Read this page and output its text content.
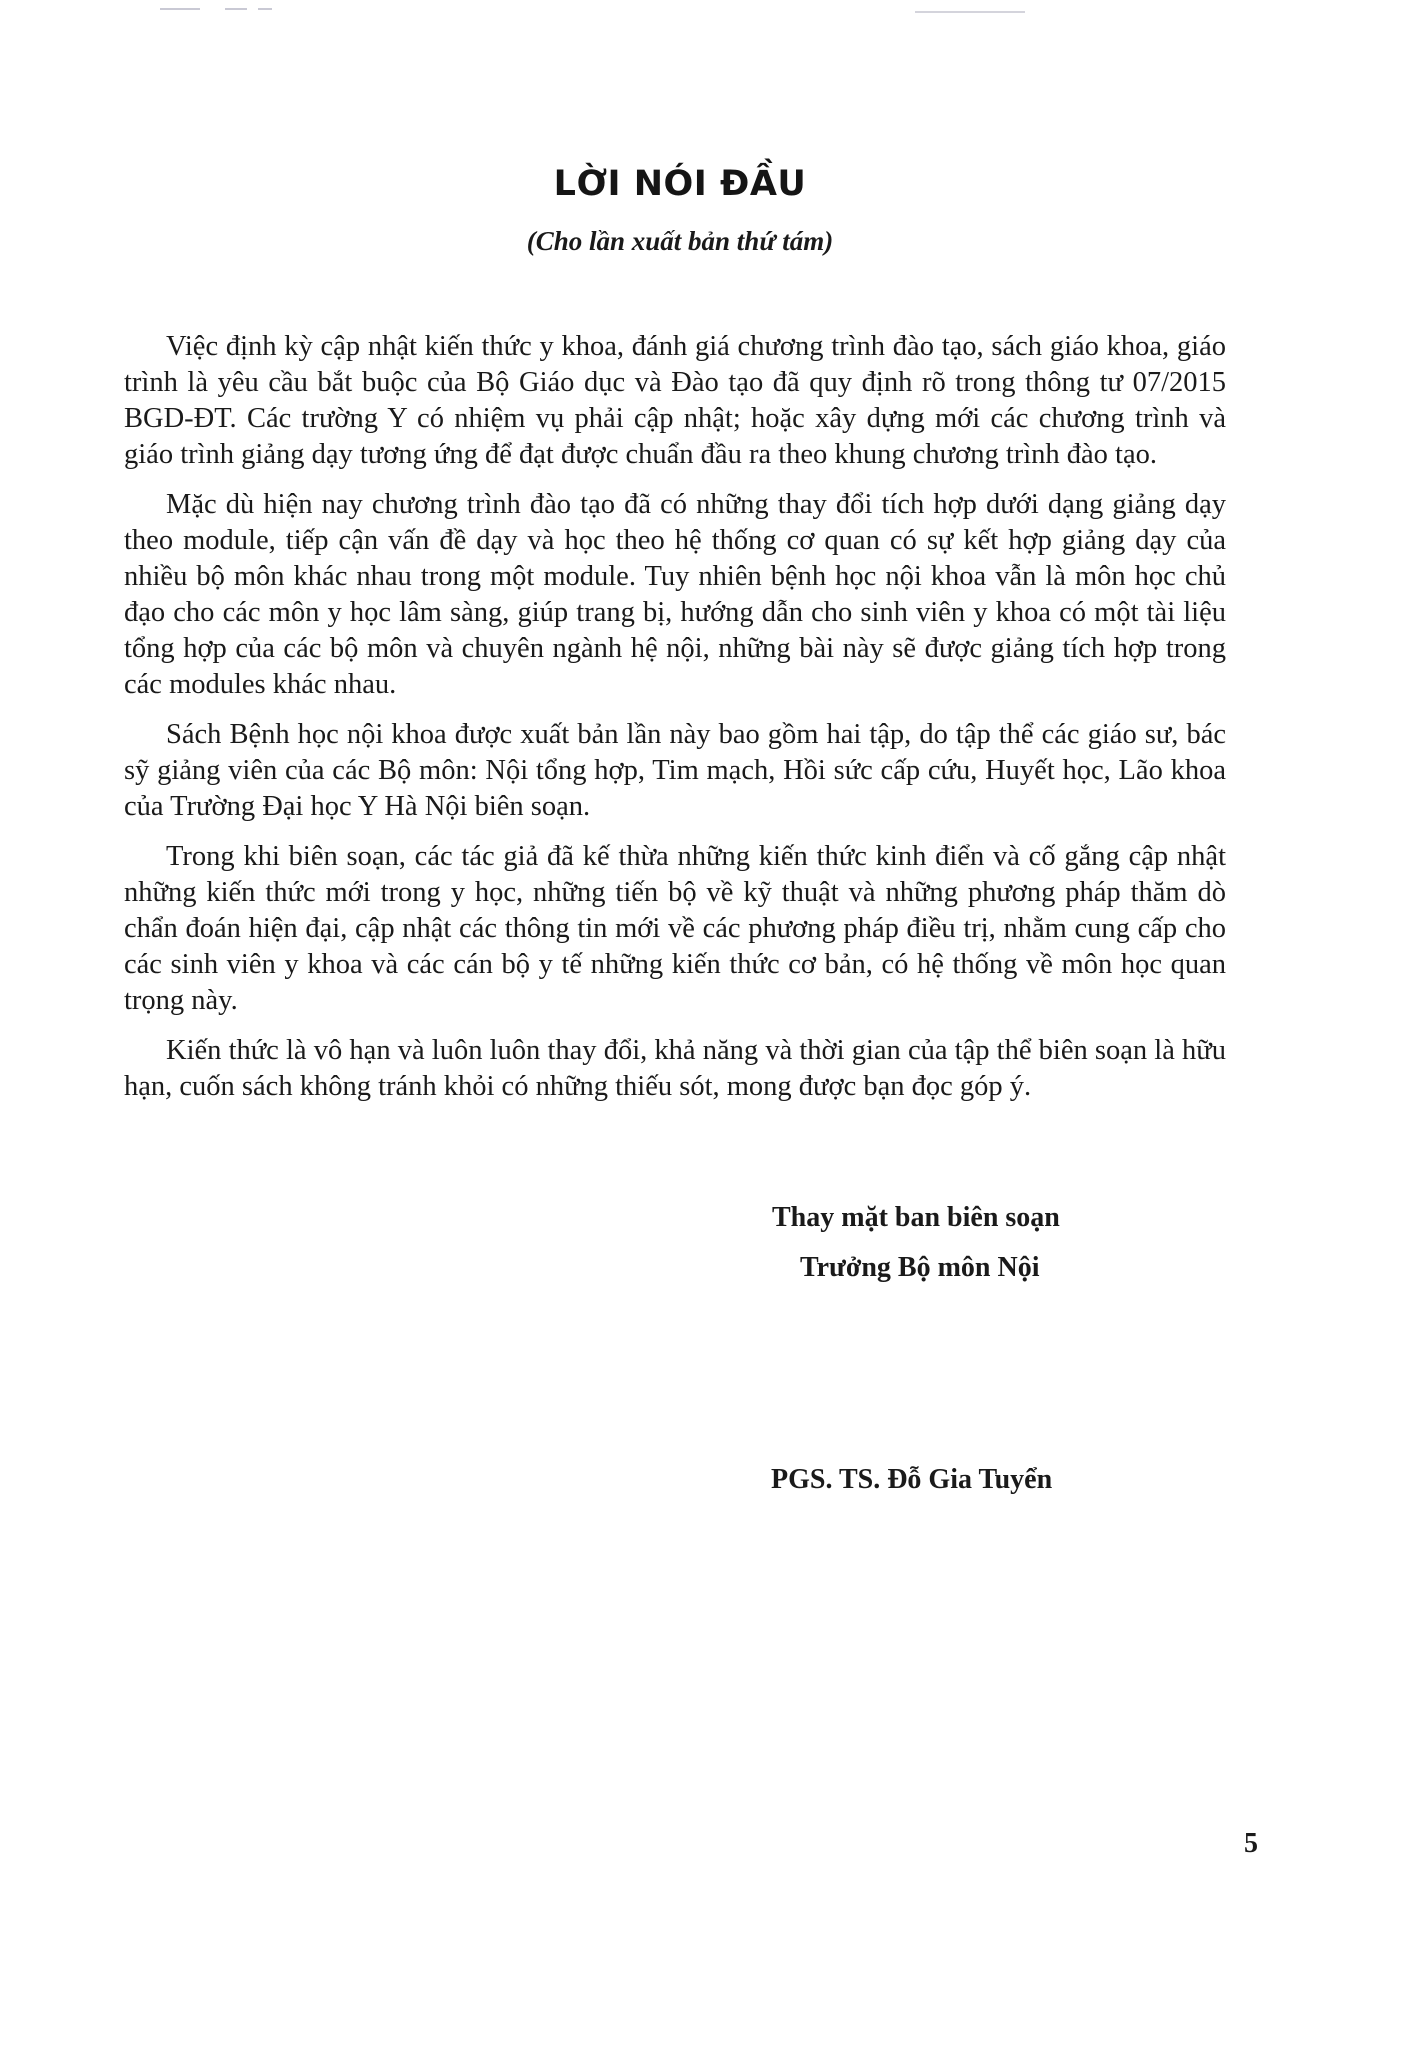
LỜI NÓI ĐẦU
(Cho lần xuất bản thứ tám)

Việc định kỳ cập nhật kiến thức y khoa, đánh giá chương trình đào tạo, sách giáo khoa, giáo trình là yêu cầu bắt buộc của Bộ Giáo dục và Đào tạo đã quy định rõ trong thông tư 07/2015 BGD-ĐT. Các trường Y có nhiệm vụ phải cập nhật; hoặc xây dựng mới các chương trình và giáo trình giảng dạy tương ứng để đạt được chuẩn đầu ra theo khung chương trình đào tạo.

Mặc dù hiện nay chương trình đào tạo đã có những thay đổi tích hợp dưới dạng giảng dạy theo module, tiếp cận vấn đề dạy và học theo hệ thống cơ quan có sự kết hợp giảng dạy của nhiều bộ môn khác nhau trong một module. Tuy nhiên bệnh học nội khoa vẫn là môn học chủ đạo cho các môn y học lâm sàng, giúp trang bị, hướng dẫn cho sinh viên y khoa có một tài liệu tổng hợp của các bộ môn và chuyên ngành hệ nội, những bài này sẽ được giảng tích hợp trong các modules khác nhau.

Sách Bệnh học nội khoa được xuất bản lần này bao gồm hai tập, do tập thể các giáo sư, bác sỹ giảng viên của các Bộ môn: Nội tổng hợp, Tim mạch, Hồi sức cấp cứu, Huyết học, Lão khoa của Trường Đại học Y Hà Nội biên soạn.

Trong khi biên soạn, các tác giả đã kế thừa những kiến thức kinh điển và cố gắng cập nhật những kiến thức mới trong y học, những tiến bộ về kỹ thuật và những phương pháp thăm dò chẩn đoán hiện đại, cập nhật các thông tin mới về các phương pháp điều trị, nhằm cung cấp cho các sinh viên y khoa và các cán bộ y tế những kiến thức cơ bản, có hệ thống về môn học quan trọng này.

Kiến thức là vô hạn và luôn luôn thay đổi, khả năng và thời gian của tập thể biên soạn là hữu hạn, cuốn sách không tránh khỏi có những thiếu sót, mong được bạn đọc góp ý.

Thay mặt ban biên soạn
Trưởng Bộ môn Nội
PGS. TS. Đỗ Gia Tuyển
5
